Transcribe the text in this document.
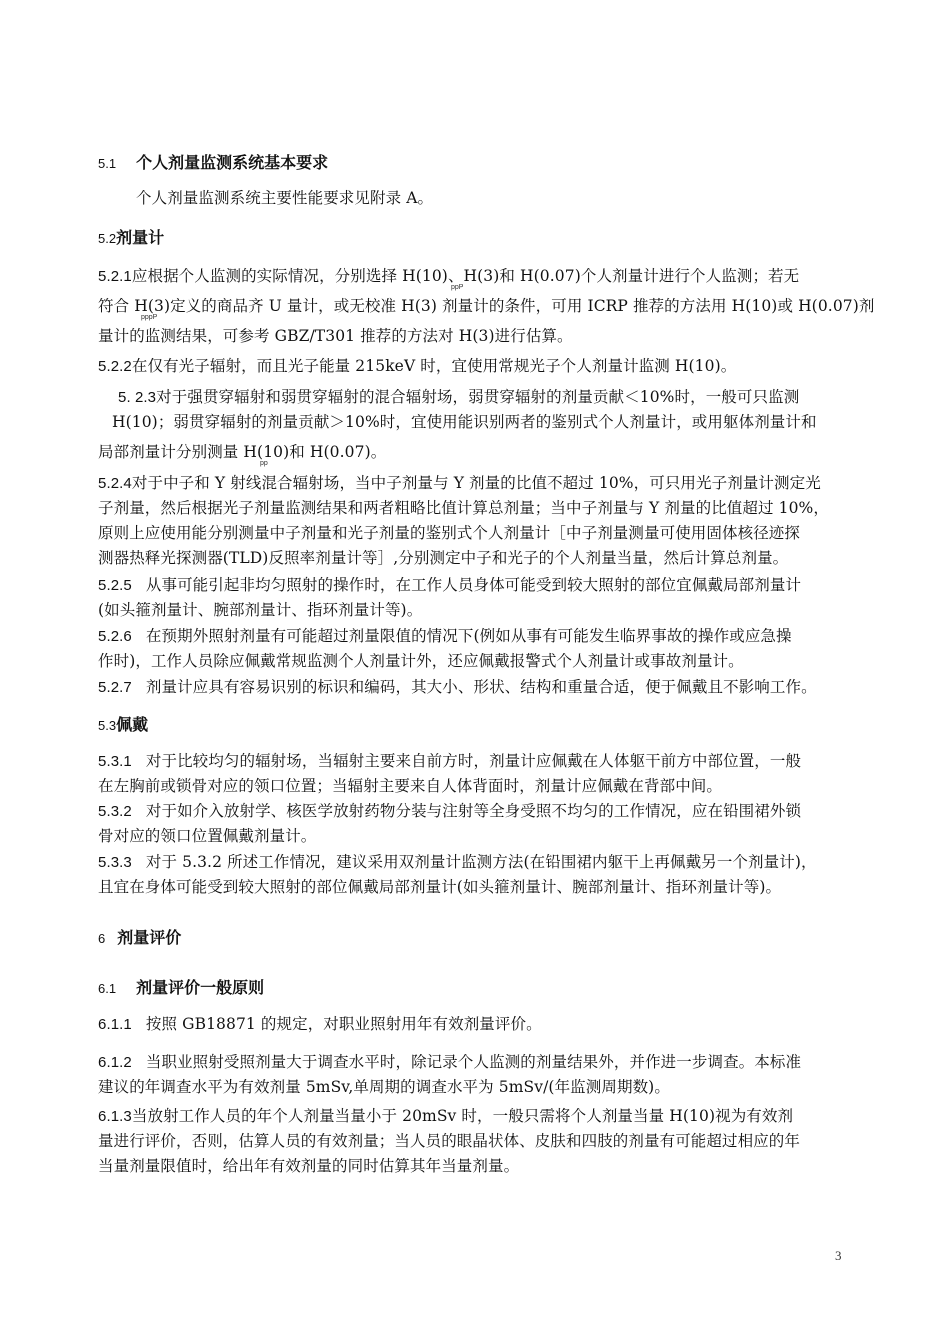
5.1 个人剂量监测系统基本要求

个人剂量监测系统主要性能要求见附录 A。

5.2剂量计
5.2.1应根据个人监测的实际情况，分别选择 H(10)、H(3)和 H(0.07)个人剂量计进行个人监测；若无
ppP

符合 H(3)定义的商品齐 U 量计，或无校准 H(3) 剂量计的条件，可用 ICRP 推荐的方法用 H(10)或 H(0.07)剂

pppP

量计的监测结果，可参考 GBZ/T301 推荐的方法对 H(3)进行估算。

5.2.2在仅有光子辐射，而且光子能量 215keV 时，宜使用常规光子个人剂量计监测 H(10)。
5. 2.3对于强贯穿辐射和弱贯穿辐射的混合辐射场，弱贯穿辐射的剂量贡献＜10%时，一般可只监测

H(10)；弱贯穿辐射的剂量贡献＞10%时，宜使用能识别两者的鉴别式个人剂量计，或用躯体剂量计和

局部剂量计分别测量 H(10)和 H(0.07)。

pp
5.2.4对于中子和 Y 射线混合辐射场，当中子剂量与 Y 剂量的比值不超过 10%，可只用光子剂量计测定光

子剂量，然后根据光子剂量监测结果和两者粗略比值计算总剂量；当中子剂量与 Y 剂量的比值超过 10%，

原则上应使用能分别测量中子剂量和光子剂量的鉴别式个人剂量计［中子剂量测量可使用固体核径迹探

测器热释光探测器(TLD)反照率剂量计等］,分别测定中子和光子的个人剂量当量，然后计算总剂量。

5.2.5 从事可能引起非均匀照射的操作时，在工作人员身体可能受到较大照射的部位宜佩戴局部剂量计

(如头箍剂量计、腕部剂量计、指环剂量计等)。

5.2.6 在预期外照射剂量有可能超过剂量限值的情况下(例如从事有可能发生临界事故的操作或应急操

作时)，工作人员除应佩戴常规监测个人剂量计外，还应佩戴报警式个人剂量计或事故剂量计。

5.2.7 剂量计应具有容易识别的标识和编码，其大小、形状、结构和重量合适，便于佩戴且不影响工作。
5.3佩戴
5.3.1 对于比较均匀的辐射场，当辐射主要来自前方时，剂量计应佩戴在人体躯干前方中部位置，一般

在左胸前或锁骨对应的领口位置；当辐射主要来自人体背面时，剂量计应佩戴在背部中间。

5.3.2 对于如介入放射学、核医学放射药物分装与注射等全身受照不均匀的工作情况，应在铅围裙外锁

骨对应的领口位置佩戴剂量计。

5.3.3 对于 5.3.2 所述工作情况，建议采用双剂量计监测方法(在铅围裙内躯干上再佩戴另一个剂量计)，

且宜在身体可能受到较大照射的部位佩戴局部剂量计(如头箍剂量计、腕部剂量计、指环剂量计等)。

6 剂量评价
6.1 剂量评价一般原则
6.1.1 按照 GB18871 的规定，对职业照射用年有效剂量评价。
6.1.2 当职业照射受照剂量大于调查水平时，除记录个人监测的剂量结果外，并作进一步调查。本标准

建议的年调查水平为有效剂量 5mSv,单周期的调查水平为 5mSv/(年监测周期数)。

6.1.3当放射工作人员的年个人剂量当量小于 20mSv 时，一般只需将个人剂量当量 H(10)视为有效剂

量进行评价，否则，估算人员的有效剂量；当人员的眼晶状体、皮肤和四肢的剂量有可能超过相应的年

当量剂量限值时，给出年有效剂量的同时估算其年当量剂量。

3
